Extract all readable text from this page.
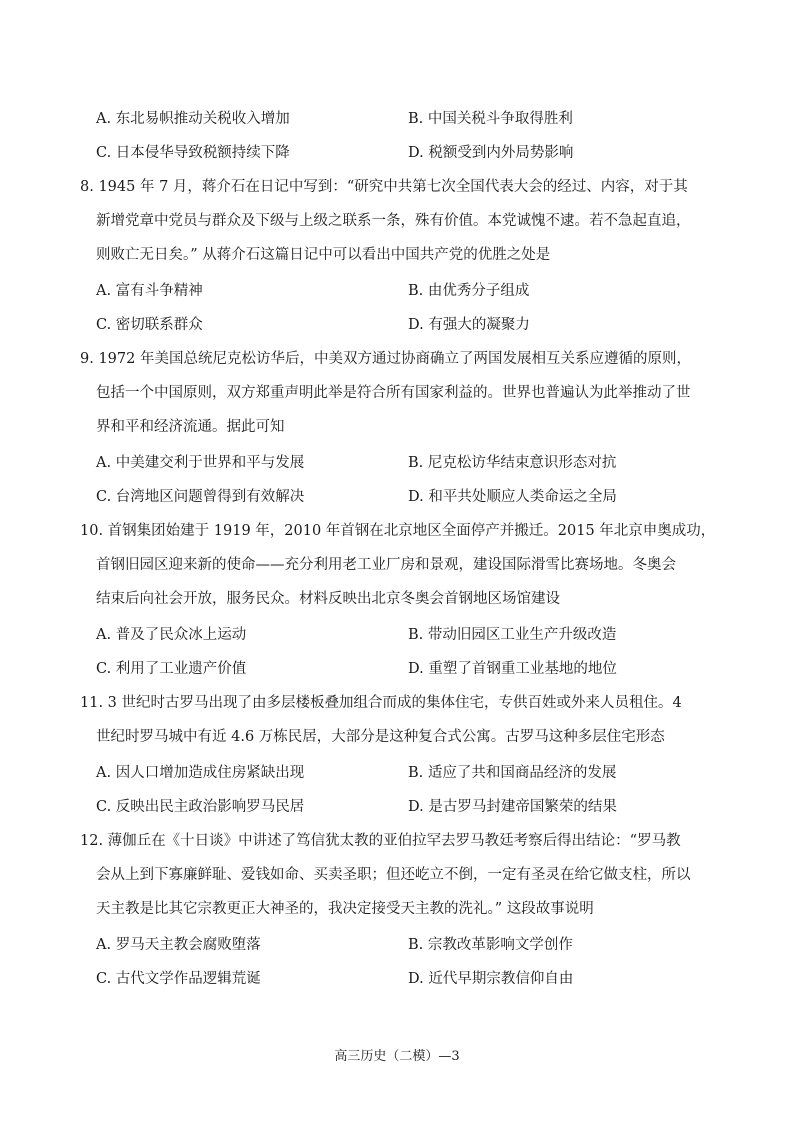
A. 东北易帜推动关税收入增加	B. 中国关税斗争取得胜利
C. 日本侵华导致税额持续下降	D. 税额受到内外局势影响
8. 1945 年 7 月，蒋介石在日记中写到：“研究中共第七次全国代表大会的经过、内容，对于其
新增党章中党员与群众及下级与上级之联系一条，殊有价值。本党诚愧不逮。若不急起直追，
则败亡无日矣。” 从蒋介石这篇日记中可以看出中国共产党的优胜之处是
A. 富有斗争精神	B. 由优秀分子组成
C. 密切联系群众	D. 有强大的凝聚力
9. 1972 年美国总统尼克松访华后，中美双方通过协商确立了两国发展相互关系应遵循的原则，
包括一个中国原则，双方郑重声明此举是符合所有国家利益的。世界也普遍认为此举推动了世
界和平和经济流通。据此可知
A. 中美建交利于世界和平与发展	B. 尼克松访华结束意识形态对抗
C. 台湾地区问题曾得到有效解决	D. 和平共处顺应人类命运之全局
10. 首钢集团始建于 1919 年，2010 年首钢在北京地区全面停产并搬迁。2015 年北京申奥成功，
首钢旧园区迎来新的使命——充分利用老工业厂房和景观，建设国际滑雪比赛场地。冬奥会
结束后向社会开放，服务民众。材料反映出北京冬奥会首钢地区场馆建设
A. 普及了民众冰上运动	B. 带动旧园区工业生产升级改造
C. 利用了工业遗产价值	D. 重塑了首钢重工业基地的地位
11. 3 世纪时古罗马出现了由多层楼板叠加组合而成的集体住宅，专供百姓或外来人员租住。4
世纪时罗马城中有近 4.6 万栋民居，大部分是这种复合式公寓。古罗马这种多层住宅形态
A. 因人口增加造成住房紧缺出现	B. 适应了共和国商品经济的发展
C. 反映出民主政治影响罗马民居	D. 是古罗马封建帝国繁荣的结果
12. 薄伽丘在《十日谈》中讲述了笃信犹太教的亚伯拉罕去罗马教廷考察后得出结论：“罗马教
会从上到下寡廉鲜耻、爱钱如命、买卖圣职；但还屹立不倒，一定有圣灵在给它做支柱，所以
天主教是比其它宗教更正大神圣的，我决定接受天主教的洗礼。” 这段故事说明
A. 罗马天主教会腐败堕落	B. 宗教改革影响文学创作
C. 古代文学作品逻辑荒诞	D. 近代早期宗教信仰自由
高三历史（二模）—3
